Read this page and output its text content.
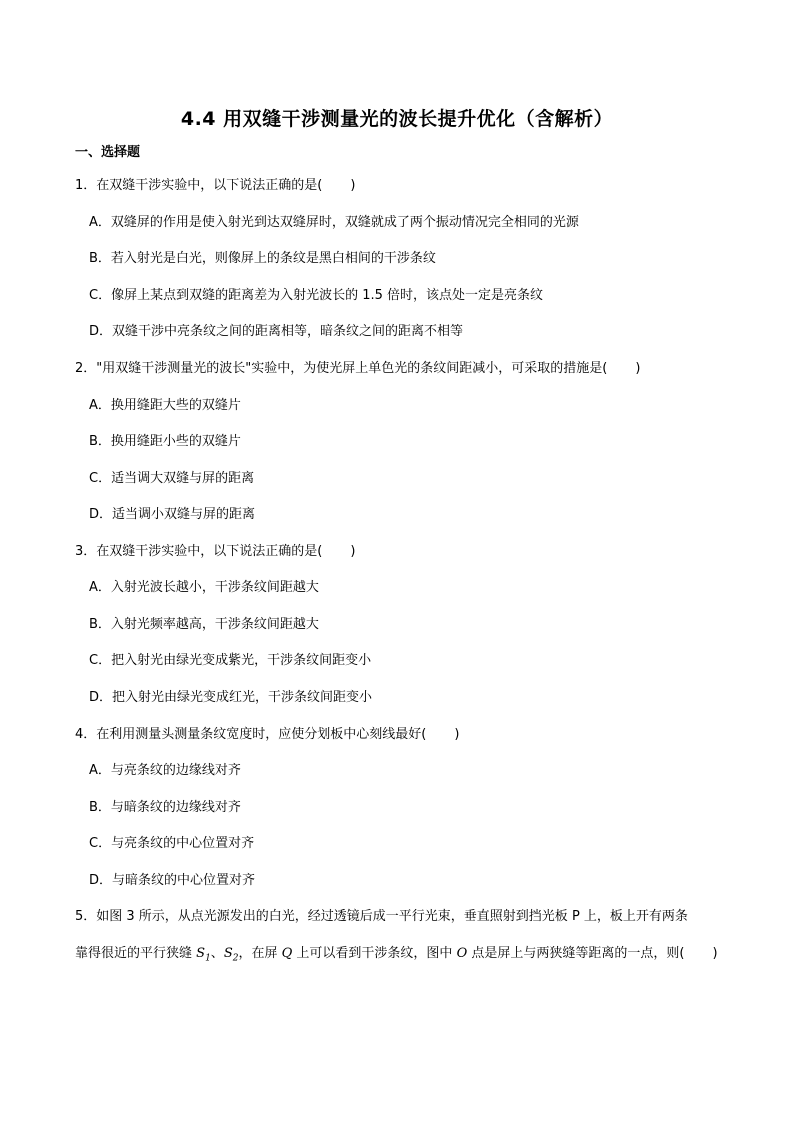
4.4 用双缝干涉测量光的波长提升优化（含解析）
一、选择题
1．在双缝干涉实验中，以下说法正确的是( )
A．双缝屏的作用是使入射光到达双缝屏时，双缝就成了两个振动情况完全相同的光源
B．若入射光是白光，则像屏上的条纹是黑白相间的干涉条纹
C．像屏上某点到双缝的距离差为入射光波长的 1.5 倍时，该点处一定是亮条纹
D．双缝干涉中亮条纹之间的距离相等，暗条纹之间的距离不相等
2．"用双缝干涉测量光的波长"实验中，为使光屏上单色光的条纹间距减小，可采取的措施是( )
A．换用缝距大些的双缝片
B．换用缝距小些的双缝片
C．适当调大双缝与屏的距离
D．适当调小双缝与屏的距离
3．在双缝干涉实验中，以下说法正确的是( )
A．入射光波长越小，干涉条纹间距越大
B．入射光频率越高，干涉条纹间距越大
C．把入射光由绿光变成紫光，干涉条纹间距变小
D．把入射光由绿光变成红光，干涉条纹间距变小
4．在利用测量头测量条纹宽度时，应使分划板中心刻线最好( )
A．与亮条纹的边缘线对齐
B．与暗条纹的边缘线对齐
C．与亮条纹的中心位置对齐
D．与暗条纹的中心位置对齐
5．如图 3 所示，从点光源发出的白光，经过透镜后成一平行光束，垂直照射到挡光板 P 上，板上开有两条
靠得很近的平行狭缝 $S_1$、$S_2$，在屏 Q 上可以看到干涉条纹，图中 O 点是屏上与两狭缝等距离的一点，则( )
